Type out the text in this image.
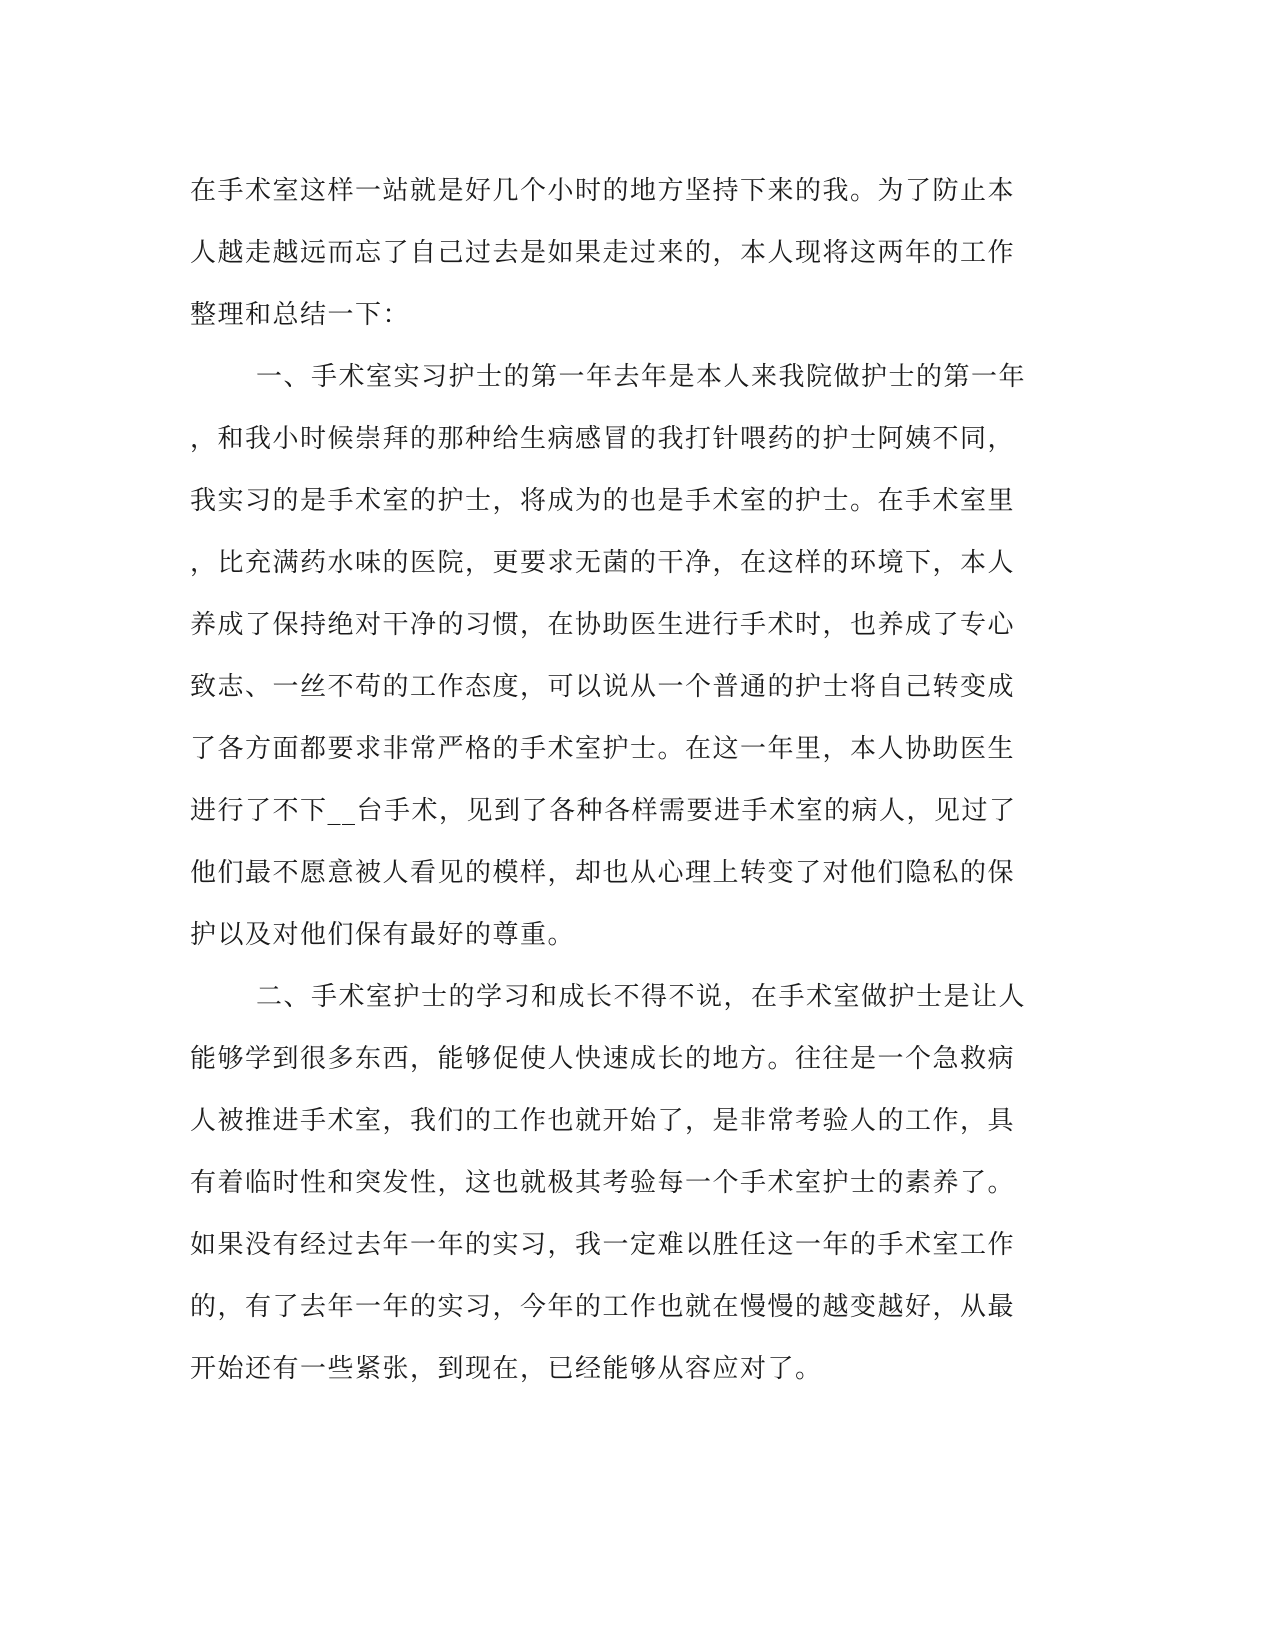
在手术室这样一站就是好几个小时的地方坚持下来的我。为了防止本
人越走越远而忘了自己过去是如果走过来的，本人现将这两年的工作
整理和总结一下：
一、手术室实习护士的第一年去年是本人来我院做护士的第一年
，和我小时候崇拜的那种给生病感冒的我打针喂药的护士阿姨不同，
我实习的是手术室的护士，将成为的也是手术室的护士。在手术室里
，比充满药水味的医院，更要求无菌的干净，在这样的环境下，本人
养成了保持绝对干净的习惯，在协助医生进行手术时，也养成了专心
致志、一丝不苟的工作态度，可以说从一个普通的护士将自己转变成
了各方面都要求非常严格的手术室护士。在这一年里，本人协助医生
进行了不下__台手术，见到了各种各样需要进手术室的病人，见过了
他们最不愿意被人看见的模样，却也从心理上转变了对他们隐私的保
护以及对他们保有最好的尊重。
二、手术室护士的学习和成长不得不说，在手术室做护士是让人
能够学到很多东西，能够促使人快速成长的地方。往往是一个急救病
人被推进手术室，我们的工作也就开始了，是非常考验人的工作，具
有着临时性和突发性，这也就极其考验每一个手术室护士的素养了。
如果没有经过去年一年的实习，我一定难以胜任这一年的手术室工作
的，有了去年一年的实习，今年的工作也就在慢慢的越变越好，从最
开始还有一些紧张，到现在，已经能够从容应对了。
